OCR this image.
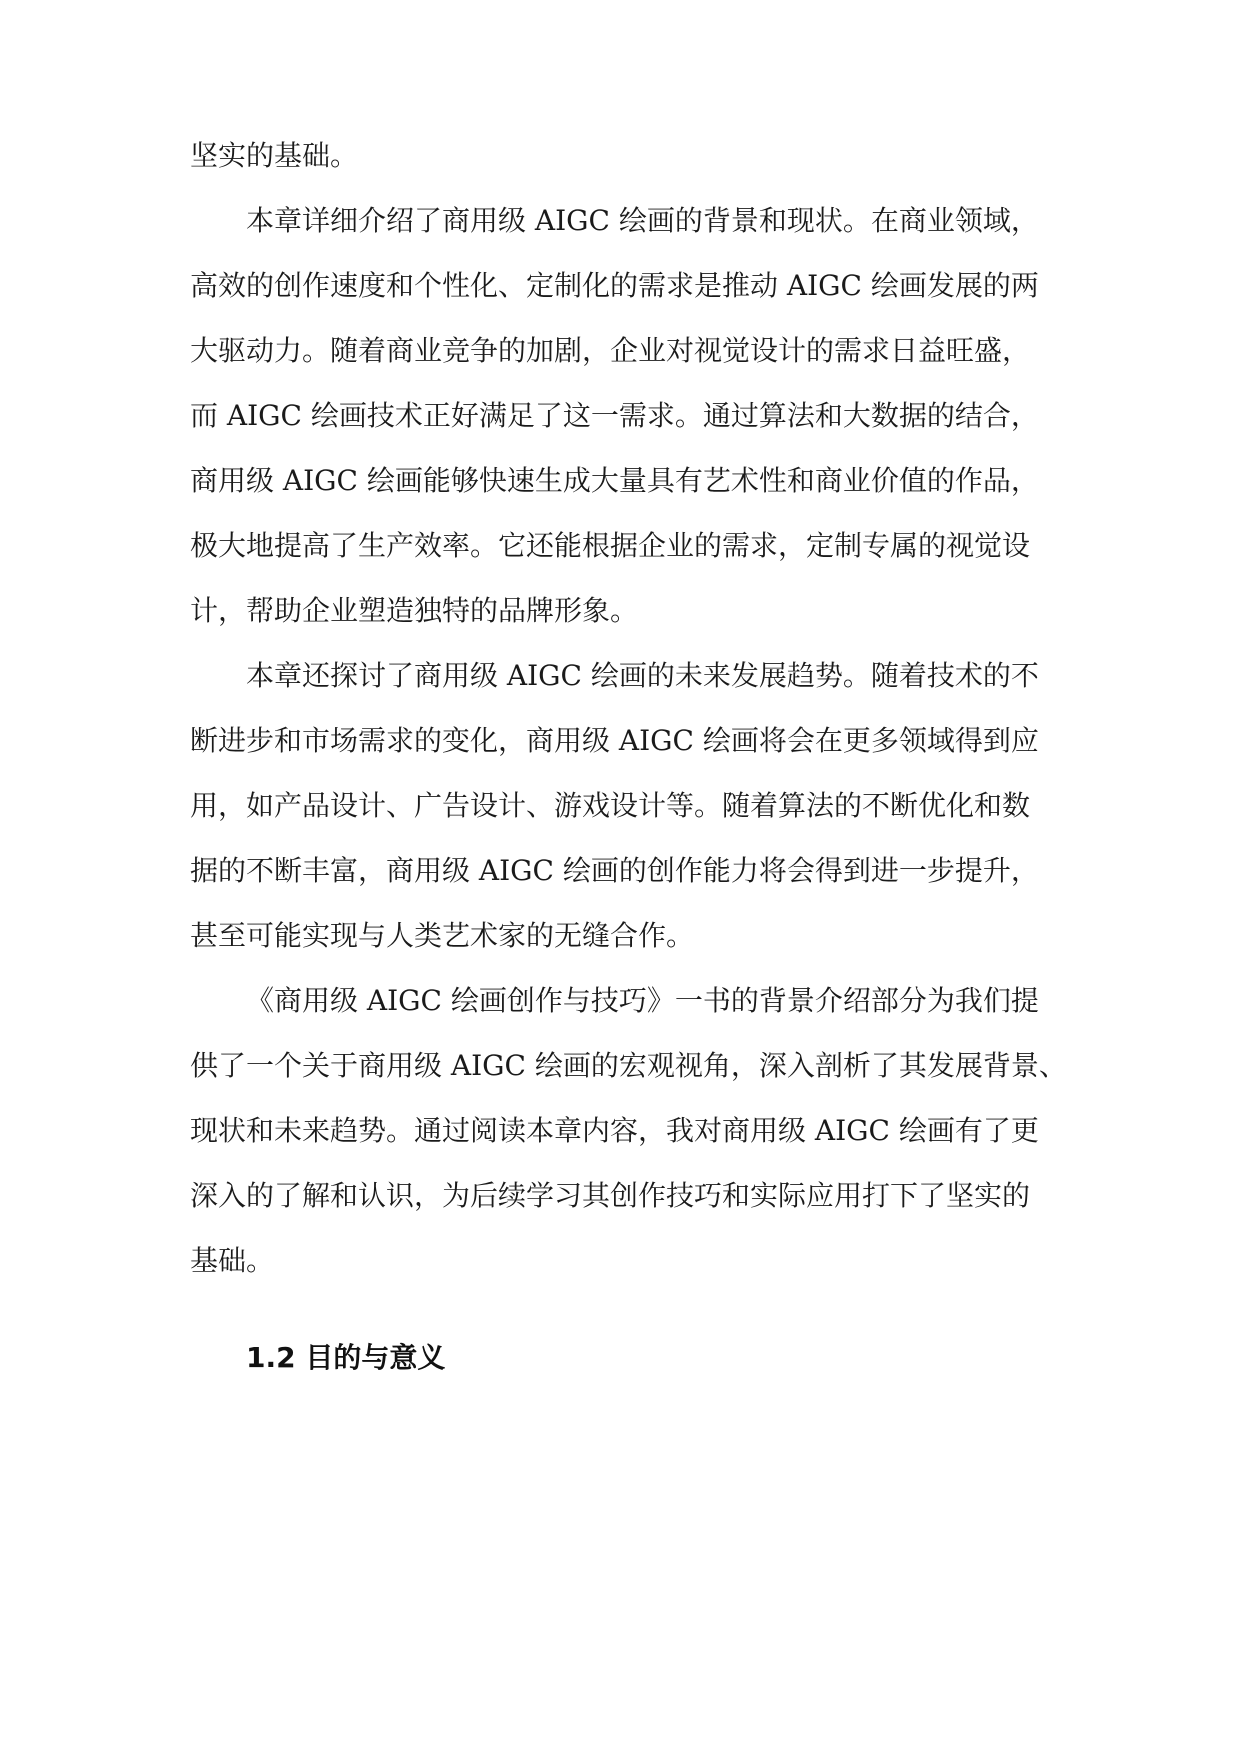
坚实的基础。

本章详细介绍了商用级 AIGC 绘画的背景和现状。在商业领域，

高效的创作速度和个性化、定制化的需求是推动 AIGC 绘画发展的两

大驱动力。随着商业竞争的加剧，企业对视觉设计的需求日益旺盛，

而 AIGC 绘画技术正好满足了这一需求。通过算法和大数据的结合，

商用级 AIGC 绘画能够快速生成大量具有艺术性和商业价值的作品，

极大地提高了生产效率。它还能根据企业的需求，定制专属的视觉设

计，帮助企业塑造独特的品牌形象。

本章还探讨了商用级 AIGC 绘画的未来发展趋势。随着技术的不

断进步和市场需求的变化，商用级 AIGC 绘画将会在更多领域得到应

用，如产品设计、广告设计、游戏设计等。随着算法的不断优化和数

据的不断丰富，商用级 AIGC 绘画的创作能力将会得到进一步提升，

甚至可能实现与人类艺术家的无缝合作。

《商用级 AIGC 绘画创作与技巧》一书的背景介绍部分为我们提

供了一个关于商用级 AIGC 绘画的宏观视角，深入剖析了其发展背景、

现状和未来趋势。通过阅读本章内容，我对商用级 AIGC 绘画有了更

深入的了解和认识，为后续学习其创作技巧和实际应用打下了坚实的

基础。

1.2 目的与意义
